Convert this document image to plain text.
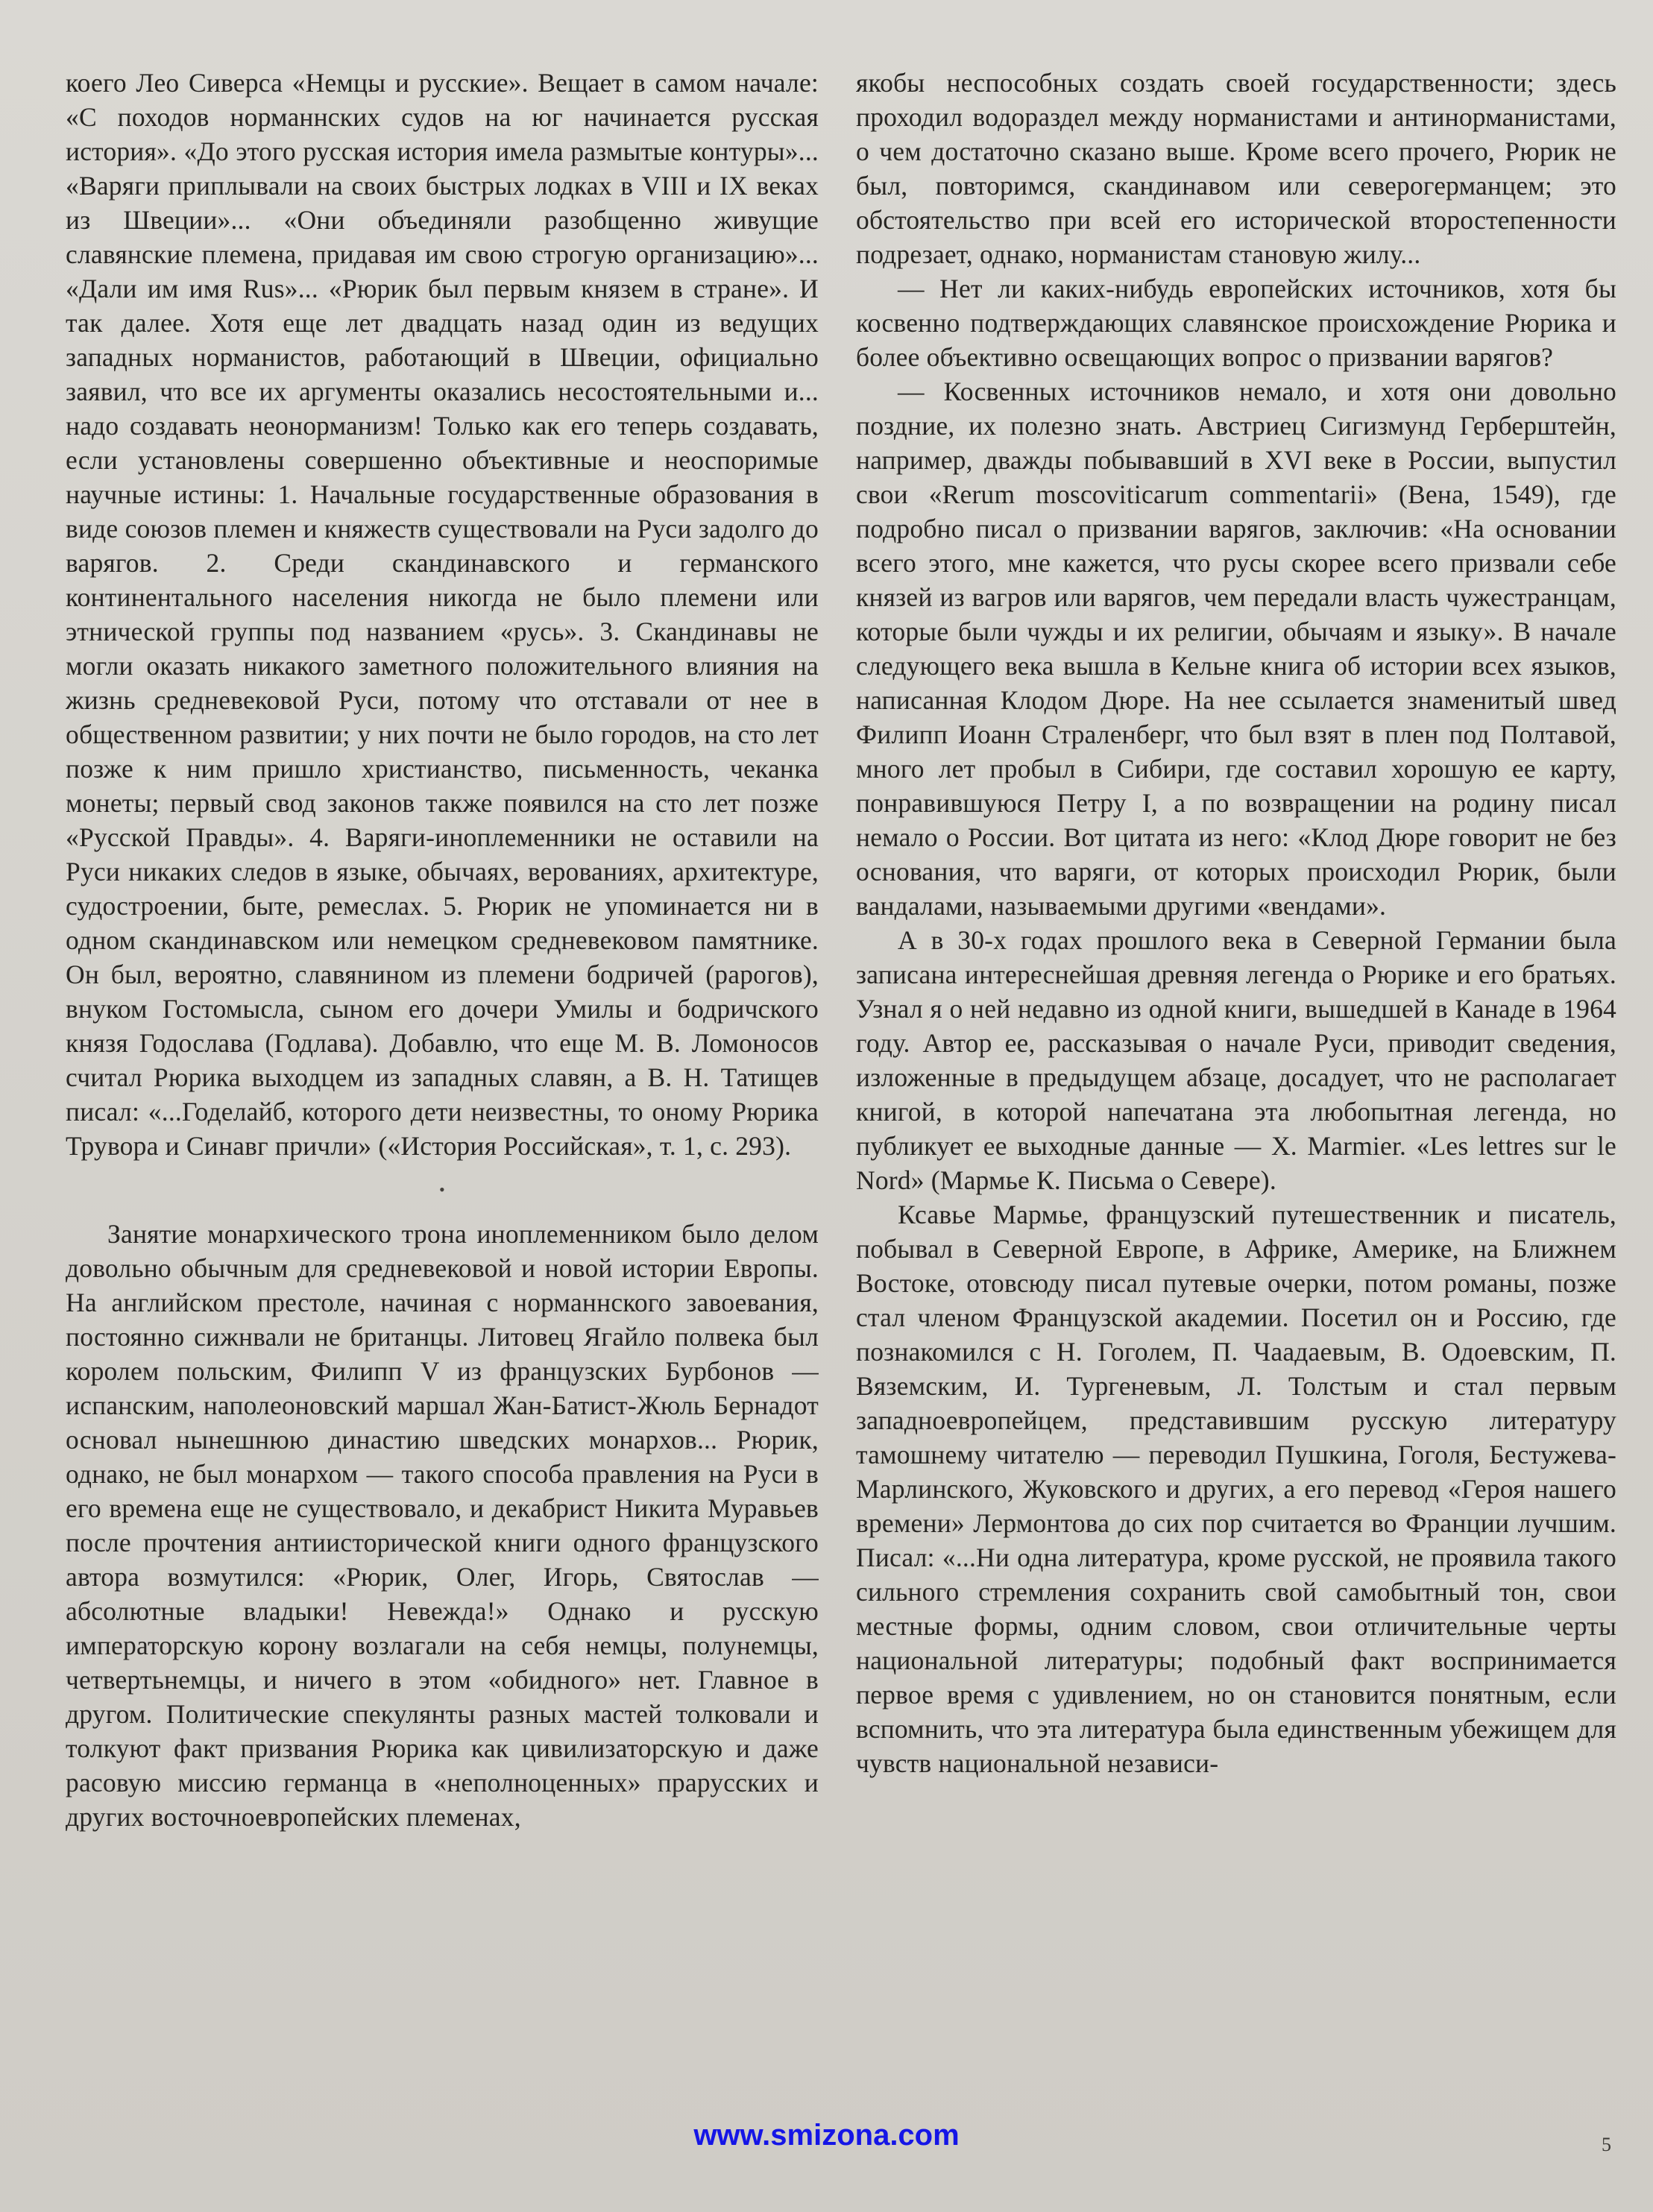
коего Лео Сиверса «Немцы и русские». Вещает в самом начале: «С походов норманнских судов на юг начинается русская история». «До этого русская история имела размытые контуры»... «Варяги приплывали на своих быстрых лодках в VIII и IX веках из Швеции»... «Они объединяли разобщенно живущие славянские племена, придавая им свою строгую организацию»... «Дали им имя Rus»... «Рюрик был первым князем в стране». И так далее. Хотя еще лет двадцать назад один из ведущих западных норманистов, работающий в Швеции, официально заявил, что все их аргументы оказались несостоятельными и... надо создавать неонорманизм! Только как его теперь создавать, если установлены совершенно объективные и неоспоримые научные истины: 1. Начальные государственные образования в виде союзов племен и княжеств существовали на Руси задолго до варягов. 2. Среди скандинавского и германского континентального населения никогда не было племени или этнической группы под названием «русь». 3. Скандинавы не могли оказать никакого заметного положительного влияния на жизнь средневековой Руси, потому что отставали от нее в общественном развитии; у них почти не было городов, на сто лет позже к ним пришло христианство, письменность, чеканка монеты; первый свод законов также появился на сто лет позже «Русской Правды». 4. Варяги-иноплеменники не оставили на Руси никаких следов в языке, обычаях, верованиях, архитектуре, судостроении, быте, ремеслах. 5. Рюрик не упоминается ни в одном скандинавском или немецком средневековом памятнике. Он был, вероятно, славянином из племени бодричей (рарогов), внуком Гостомысла, сыном его дочери Умилы и бодричского князя Годослава (Годлава). Добавлю, что еще М. В. Ломоносов считал Рюрика выходцем из западных славян, а В. Н. Татищев писал: «...Годелайб, которого дети неизвестны, то оному Рюрика Трувора и Синавг причли» («История Российская», т. 1, с. 293).

•

Занятие монархического трона иноплеменником было делом довольно обычным для средневековой и новой истории Европы. На английском престоле, начиная с норманнского завоевания, постоянно сижнвали не британцы. Литовец Ягайло полвека был королем польским, Филипп V из французских Бурбонов — испанским, наполеоновский маршал Жан-Батист-Жюль Бернадот основал нынешнюю династию шведских монархов... Рюрик, однако, не был монархом — такого способа правления на Руси в его времена еще не существовало, и декабрист Никита Муравьев после прочтения антиисторической книги одного французского автора возмутился: «Рюрик, Олег, Игорь, Святослав — абсолютные владыки! Невежда!» Однако и русскую императорскую корону возлагали на себя немцы, полунемцы, четвертьнемцы, и ничего в этом «обидного» нет. Главное в другом. Политические спекулянты разных мастей толковали и толкуют факт призвания Рюрика как цивилизаторскую и даже расовую миссию германца в «неполноценных» праруcских и других восточноевропейских племенах,

якобы неспособных создать своей государственности; здесь проходил водораздел между норманистами и антинорманистами, о чем достаточно сказано выше. Кроме всего прочего, Рюрик не был, повторимся, скандинавом или северогерманцем; это обстоятельство при всей его исторической второстепенности подрезает, однако, норманистам становую жилу...

— Нет ли каких-нибудь европейских источников, хотя бы косвенно подтверждающих славянское происхождение Рюрика и более объективно освещающих вопрос о призвании варягов?

— Косвенных источников немало, и хотя они довольно поздние, их полезно знать. Австриец Сигизмунд Герберштейн, например, дважды побывавший в XVI веке в России, выпустил свои «Rerum moscoviticarum commentarii» (Вена, 1549), где подробно писал о призвании варягов, заключив: «На основании всего этого, мне кажется, что русы скорее всего призвали себе князей из вагров или варягов, чем передали власть чужестранцам, которые были чужды и их религии, обычаям и языку». В начале следующего века вышла в Кельне книга об истории всех языков, написанная Клодом Дюре. На нее ссылается знаменитый швед Филипп Иоанн Страленберг, что был взят в плен под Полтавой, много лет пробыл в Сибири, где составил хорошую ее карту, понравившуюся Петру I, а по возвращении на родину писал немало о России. Вот цитата из него: «Клод Дюре говорит не без основания, что варяги, от которых происходил Рюрик, были вандалами, называемыми другими «вендами».

А в 30-х годах прошлого века в Северной Германии была записана интереснейшая древняя легенда о Рюрике и его братьях. Узнал я о ней недавно из одной книги, вышедшей в Канаде в 1964 году. Автор ее, рассказывая о начале Руси, приводит сведения, изложенные в предыдущем абзаце, досадует, что не располагает книгой, в которой напечатана эта любопытная легенда, но публикует ее выходные данные — X. Marmier. «Les lettres sur le Nord» (Мармье К. Письма о Севере).

Ксавье Мармье, французский путешественник и писатель, побывал в Северной Европе, в Африке, Америке, на Ближнем Востоке, отовсюду писал путевые очерки, потом романы, позже стал членом Французской академии. Посетил он и Россию, где познакомился с Н. Гоголем, П. Чаадаевым, В. Одоевским, П. Вяземским, И. Тургеневым, Л. Толстым и стал первым западноевропейцем, представившим русскую литературу тамошнему читателю — переводил Пушкина, Гоголя, Бестужева-Марлинского, Жуковского и других, а его перевод «Героя нашего времени» Лермонтова до сих пор считается во Франции лучшим. Писал: «...Ни одна литература, кроме русской, не проявила такого сильного стремления сохранить свой самобытный тон, свои местные формы, одним словом, свои отличительные черты национальной литературы; подобный факт воспринимается первое время с удивлением, но он становится понятным, если вспомнить, что эта литература была единственным убежищем для чувств национальной независи-

www.smizona.com	5
